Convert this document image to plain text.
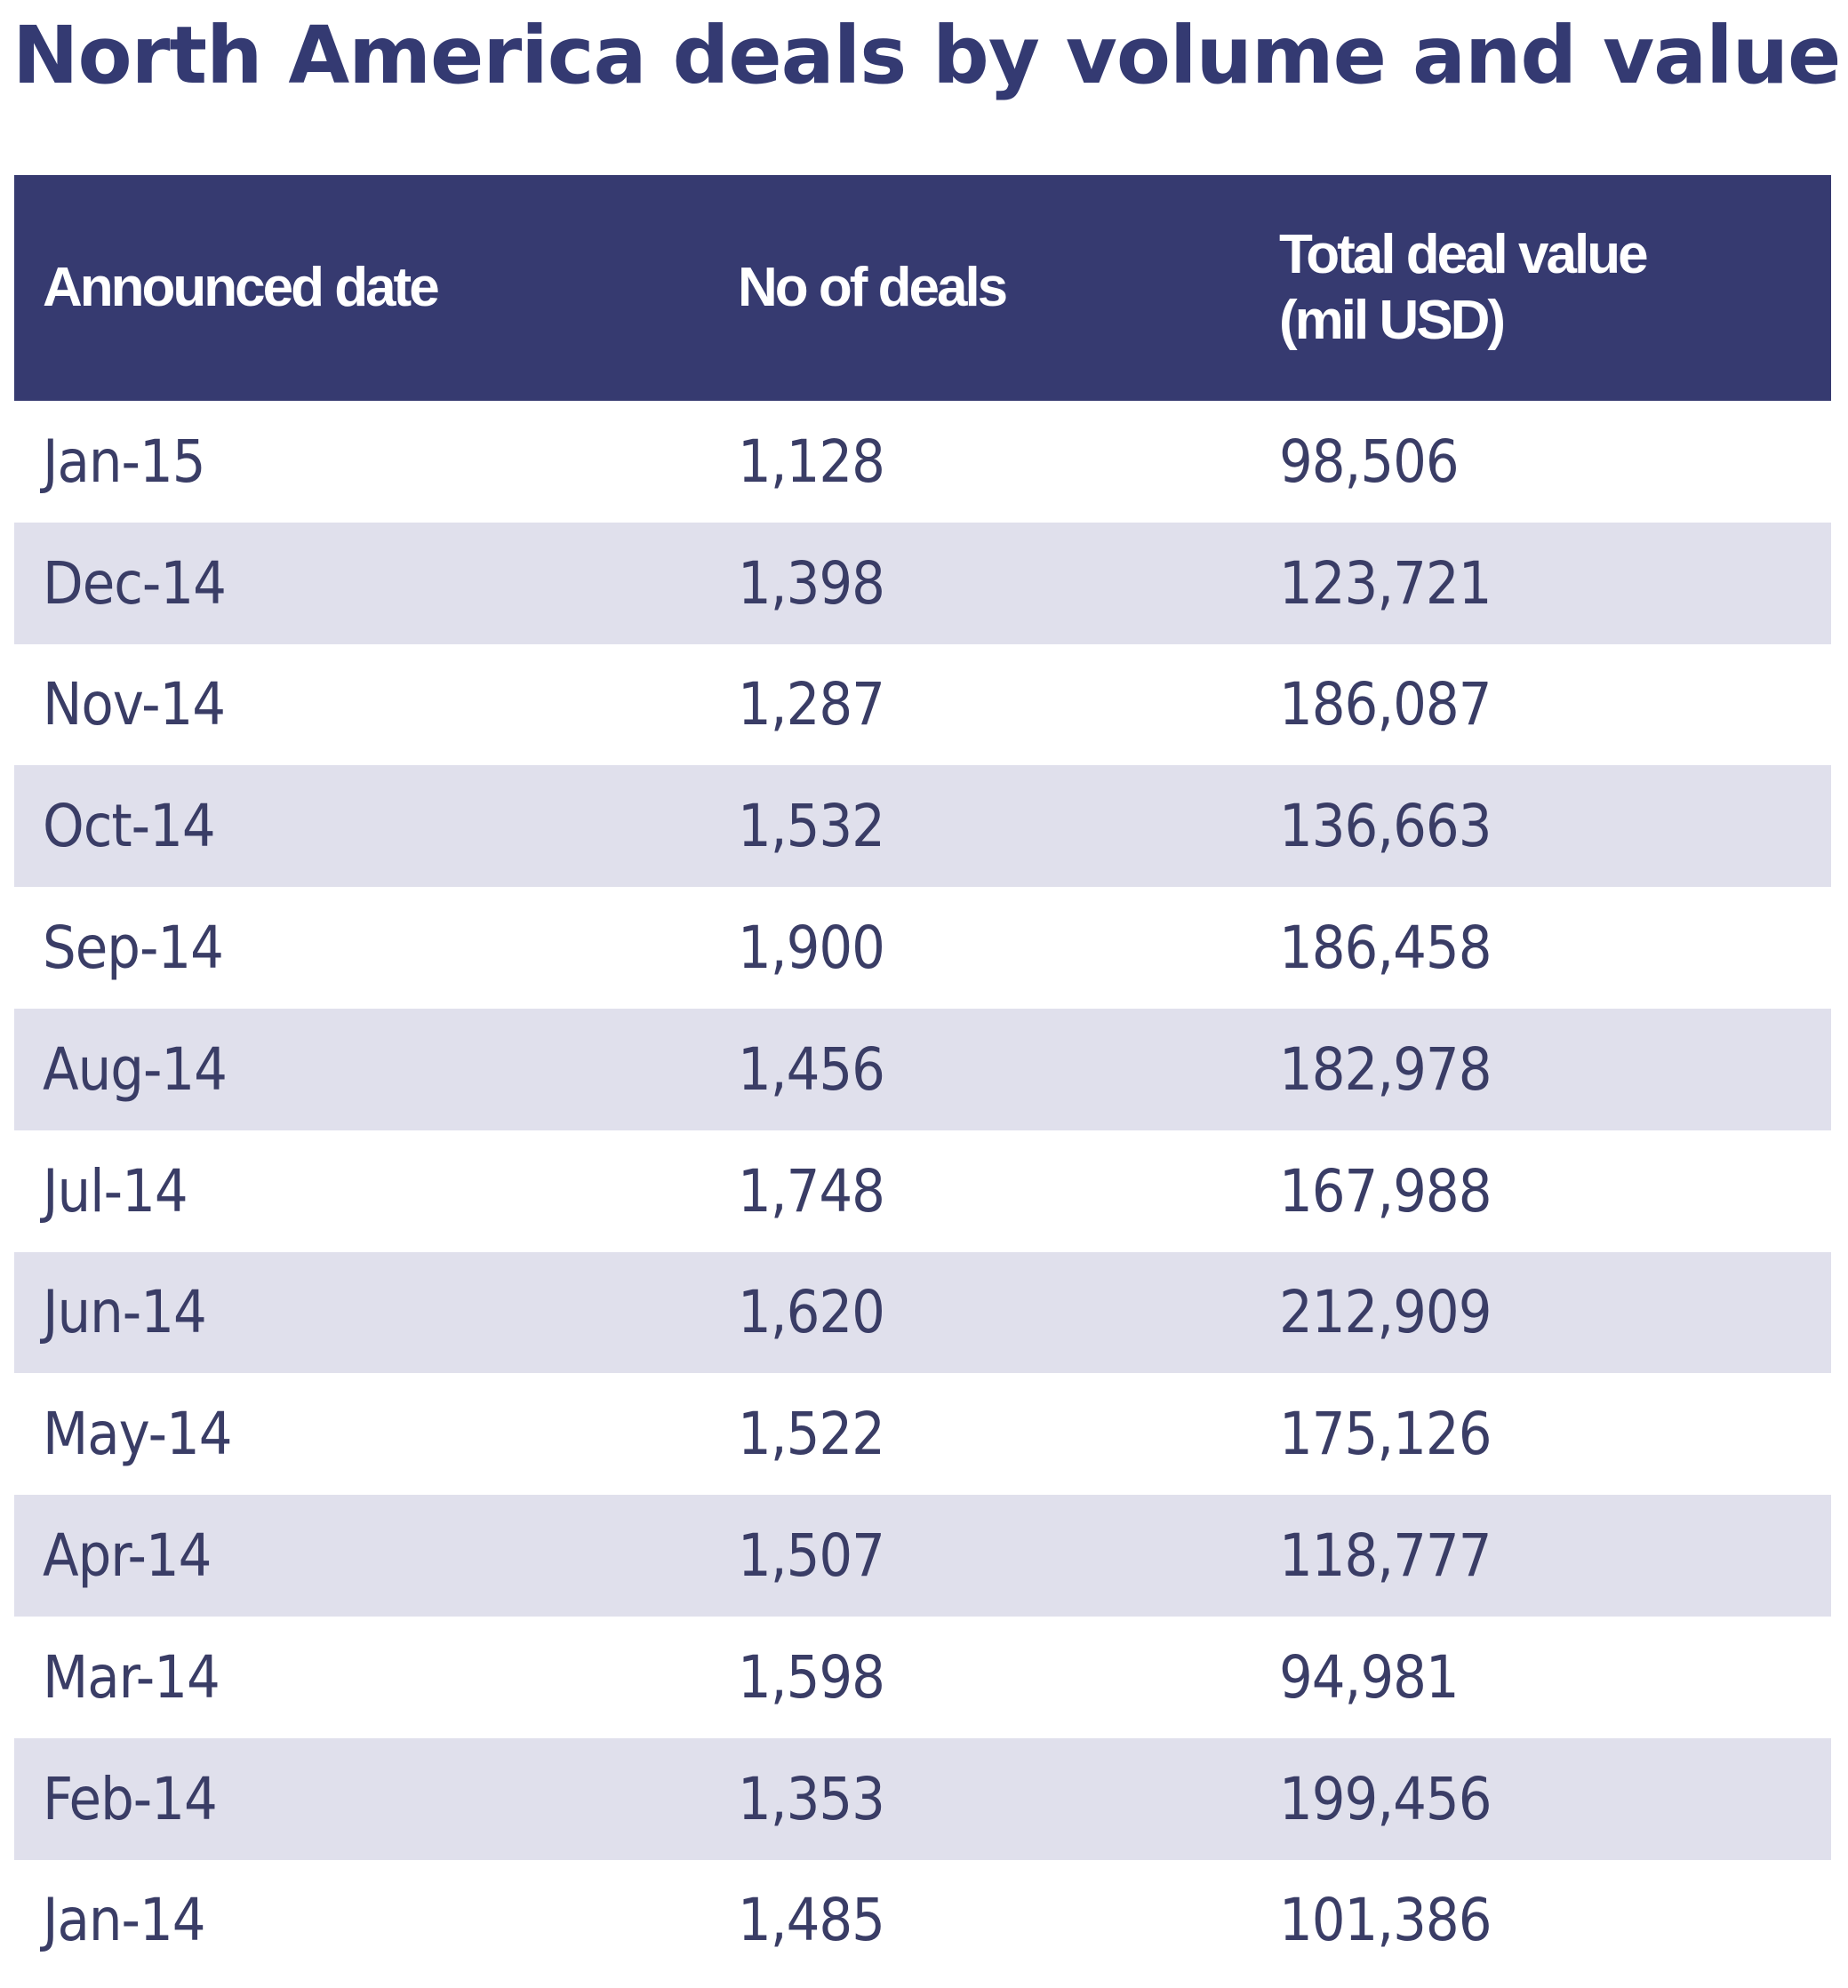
North America deals by volume and value
Announced date	No of deals	Total deal value
(mil USD)

Jan-15	1,128	98,506
Dec-14	1,398	123,721
Nov-14	1,287	186,087
Oct-14	1,532	136,663
Sep-14	1,900	186,458
Aug-14	1,456	182,978
Jul-14	1,748	167,988
Jun-14	1,620	212,909
May-14	1,522	175,126
Apr-14	1,507	118,777
Mar-14	1,598	94,981
Feb-14	1,353	199,456
Jan-14	1,485	101,386
